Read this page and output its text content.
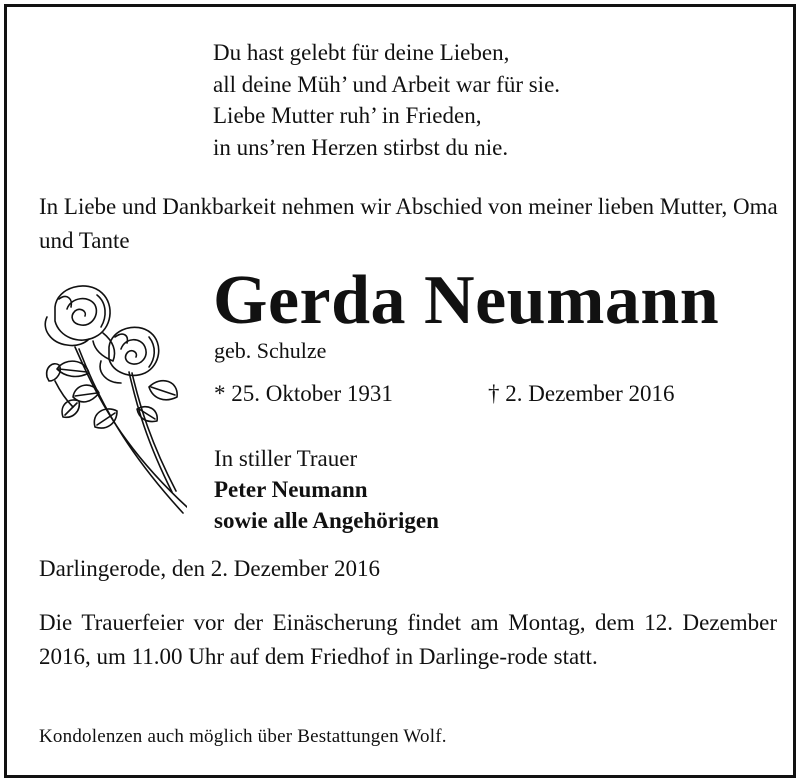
Du hast gelebt für deine Lieben,
all deine Müh’ und Arbeit war für sie.
Liebe Mutter ruh’ in Frieden,
in uns’ren Herzen stirbst du nie.
In Liebe und Dankbarkeit nehmen wir Abschied von meiner lieben Mutter, Oma und Tante
Gerda Neumann
geb. Schulze
* 25. Oktober 1931	† 2. Dezember 2016
In stiller Trauer
Peter Neumann
sowie alle Angehörigen
Darlingerode, den 2. Dezember 2016
Die Trauerfeier vor der Einäscherung findet am Montag, dem 12. Dezember 2016, um 11.00 Uhr auf dem Friedhof in Darlinge-rode statt.
Kondolenzen auch möglich über Bestattungen Wolf.
